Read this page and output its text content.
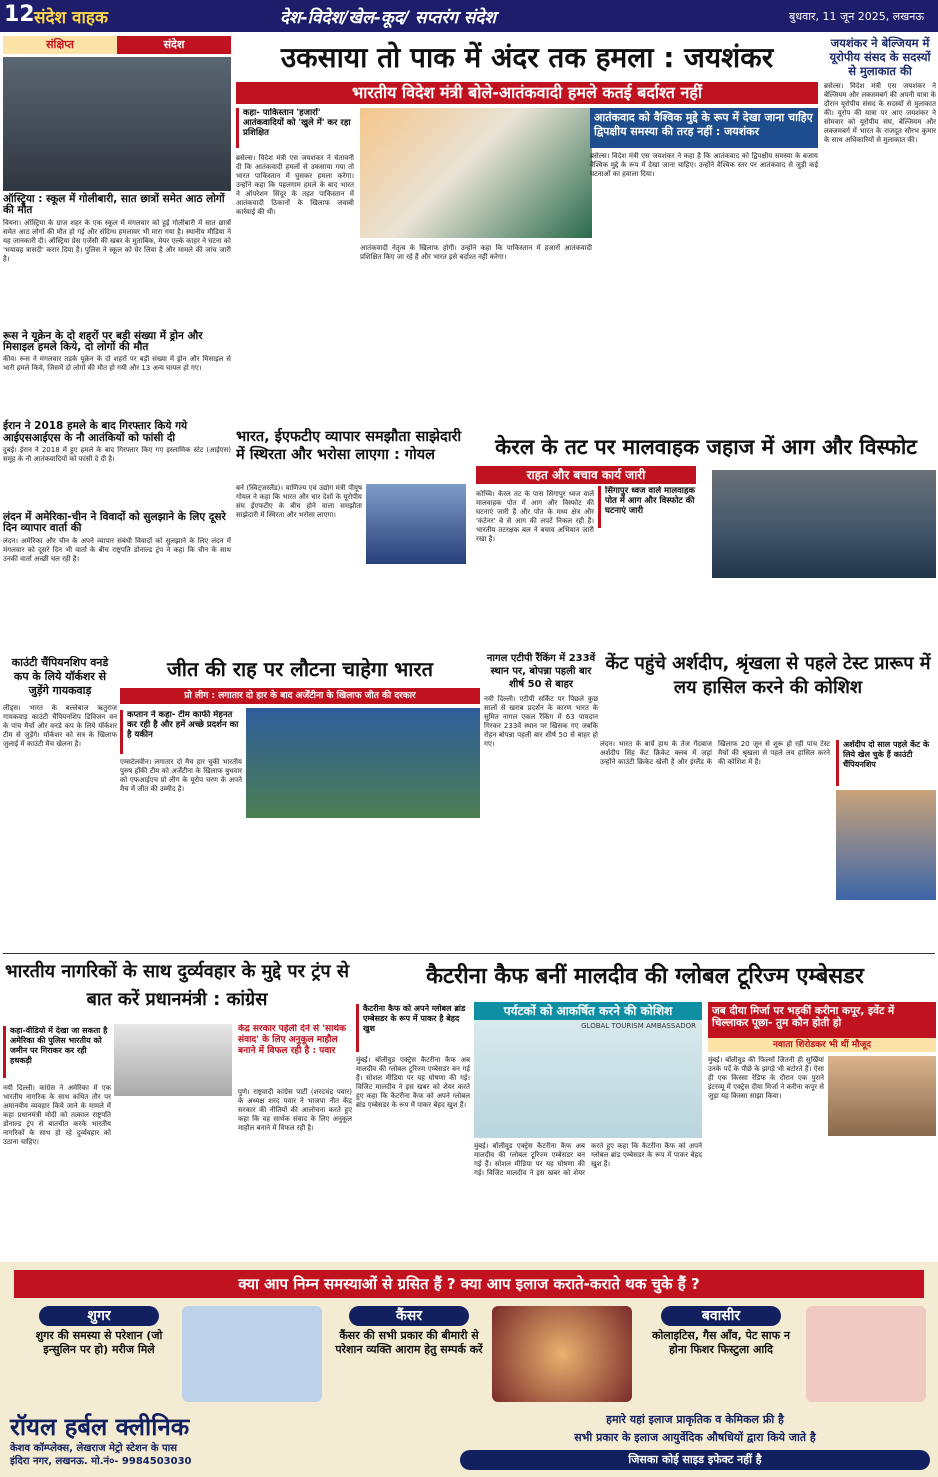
12 संदेश वाहक	देश-विदेश/खेल-कूद/ सप्तरंग संदेश	बुधवार, 11 जून 2025, लखनऊ
संक्षिप्त	संदेश
ऑस्ट्रिया : स्कूल में गोलीबारी, सात छात्रों समेत आठ लोगों की मौत
वियना। ऑस्ट्रिया के ग्राज शहर के एक स्कूल में मंगलवार को हुई गोलीबारी में सात छात्रों समेत आठ लोगों की मौत हो गई और संदिग्ध हमलावर भी मारा गया है। स्थानीय मीडिया ने यह जानकारी दी। ऑस्ट्रिया प्रेस एजेंसी की खबर के मुताबिक, मेयर एल्के काहर ने घटना को 'भयावह त्रासदी' करार दिया है। पुलिस ने स्कूल को घेर लिया है और मामले की जांच जारी है।
रूस ने यूक्रेन के दो शहरों पर बड़ी संख्या में ड्रोन और मिसाइल हमले किये, दो लोगों की मौत
कीव। रूस ने मंगलवार तड़के यूक्रेन के दो शहरों पर बड़ी संख्या में ड्रोन और मिसाइल से भारी हमले किये, जिसमें दो लोगों की मौत हो गयी और 13 अन्य घायल हो गए।
ईरान ने 2018 हमले के बाद गिरफ्तार किये गये आईएसआईएस के नौ आतंकियों को फांसी दी
दुबई। ईरान ने 2018 में हुए हमले के बाद गिरफ्तार किए गए इस्लामिक स्टेट (आईएस) समूह के नौ आतंकवादियों को फांसी दे दी है।
लंदन में अमेरिका-चीन ने विवादों को सुलझाने के लिए दूसरे दिन व्यापार वार्ता की
लंदन। अमेरिका और चीन के अपने व्यापार संबंधी विवादों को सुलझाने के लिए लंदन में मंगलवार को दूसरे दिन भी वार्ता के बीच राष्ट्रपति डोनाल्ड ट्रंप ने कहा कि चीन के साथ उनकी वार्ता अच्छी चल रही है।
उकसाया तो पाक में अंदर तक हमला : जयशंकर
भारतीय विदेश मंत्री बोले-आतंकवादी हमले कतई बर्दाश्त नहीं
कहा- पाकिस्तान 'हजारों' आतंकवादियों को 'खुले में' कर रहा प्रशिक्षित
ब्रसेल्स। विदेश मंत्री एस जयशंकर ने चेतावनी दी कि आतंकवादी हमलों से उकसाया गया तो भारत पाकिस्तान में घुसकर हमला करेगा। उन्होंने कहा कि पहलगाम हमले के बाद भारत ने ऑपरेशन सिंदूर के तहत पाकिस्तान में आतंकवादी ठिकानों के खिलाफ जवाबी कार्रवाई की थी।
आतंकवादी नेतृत्व के खिलाफ होगी। उन्होंने कहा कि पाकिस्तान में हजारों आतंकवादी प्रशिक्षित किए जा रहे हैं और भारत इसे बर्दाश्त नहीं करेगा।
आतंकवाद को वैश्विक मुद्दे के रूप में देखा जाना चाहिए द्विपक्षीय समस्या की तरह नहीं : जयशंकर
ब्रसेल्स। विदेश मंत्री एस जयशंकर ने कहा है कि आतंकवाद को द्विपक्षीय समस्या के बजाय वैश्विक मुद्दे के रूप में देखा जाना चाहिए। उन्होंने वैश्विक स्तर पर आतंकवाद से जुड़ी कई घटनाओं का हवाला दिया।
जयशंकर ने बेल्जियम में यूरोपीय संसद के सदस्यों से मुलाकात की
ब्रसेल्स। विदेश मंत्री एस जयशंकर ने बेल्जियम और लक्जमबर्ग की अपनी यात्रा के दौरान यूरोपीय संसद के सदस्यों से मुलाकात की। यूरोप की यात्रा पर आए जयशंकर ने सोमवार को यूरोपीय संघ, बेल्जियम और लक्जमबर्ग में भारत के राजदूत सौरभ कुमार के साथ अधिकारियों से मुलाकात की।
भारत, ईएफटीए व्यापार समझौता साझेदारी में स्थिरता और भरोसा लाएगा : गोयल
बर्न (स्विट्जरलैंड)। वाणिज्य एवं उद्योग मंत्री पीयूष गोयल ने कहा कि भारत और चार देशों के यूरोपीय संघ ईएफटीए के बीच होने वाला समझौता साझेदारी में स्थिरता और भरोसा लाएगा।
केरल के तट पर मालवाहक जहाज में आग और विस्फोट
राहत और बचाव कार्य जारी
कोच्चि। केरल तट के पास सिंगापुर ध्वज वाले मालवाहक पोत में आग और विस्फोट की घटनाएं जारी हैं और पोत के मध्य क्षेत्र और 'कंटेनर' बे से आग की लपटें निकल रही हैं। भारतीय तटरक्षक बल ने बचाव अभियान जारी रखा है।
सिंगापुर ध्वज वाले मालवाहक पोत में आग और विस्फोट की घटनाएं जारी
जीत की राह पर लौटना चाहेगा भारत
प्रो लीग : लगातार दो हार के बाद अर्जेंटीना के खिलाफ जीत की दरकार
कप्तान ने कहा- टीम काफी मेहनत कर रही है और हमें अच्छे प्रदर्शन का है यकीन
एम्सटेलवीन। लगातार दो मैच हार चुकी भारतीय पुरुष हॉकी टीम को अर्जेंटीना के खिलाफ बुधवार को एफआईएच प्रो लीग के यूरोप चरण के अपने मैच में जीत की उम्मीद है।
काउंटी चैंपियनशिप वनडे कप के लिये यॉर्कशर से जुड़ेंगे गायकवाड़
लीड्स। भारत के बल्लेबाज ऋतुराज गायकवाड़ काउंटी चैंपियनशिप डिविजन वन के पांच मैचों और वनडे कप के लिये यॉर्कशर टीम से जुड़ेंगे। यॉर्कशर को सत्र के खिलाफ जुलाई में काउंटी मैच खेलना है।
नागल एटीपी रैंकिंग में 233वें स्थान पर, बोपन्ना पहली बार शीर्ष 50 से बाहर
नयी दिल्ली। एटीपी सर्किट पर पिछले कुछ सालों से खराब प्रदर्शन के कारण भारत के सुमित नागल एकल रैंकिंग में 63 पायदान गिरकर 233वें स्थान पर खिसक गए जबकि रोहन बोपन्ना पहली बार शीर्ष 50 से बाहर हो गए।
केंट पहुंचे अर्शदीप, श्रृंखला से पहले टेस्ट प्रारूप में लय हासिल करने की कोशिश
लंदन। भारत के बायें हाथ के तेज गेंदबाज अर्शदीप सिंह केंट क्रिकेट क्लब में जहां उन्होंने काउंटी क्रिकेट खेली है और इंग्लैंड के खिलाफ 20 जून से शुरू हो रही पांच टेस्ट मैचों की श्रृंखला से पहले लय हासिल करने की कोशिश में हैं।
अर्शदीप दो साल पहले केंट के लिये खेल चुके हैं काउंटी चैंपियनशिप
भारतीय नागरिकों के साथ दुर्व्यवहार के मुद्दे पर ट्रंप से बात करें प्रधानमंत्री : कांग्रेस
कहा-वीडियो में देखा जा सकता है अमेरिका की पुलिस भारतीय को जमीन पर गिराकर कर रही हथकड़ी
नयी दिल्ली। कांग्रेस ने अमेरिका में एक भारतीय नागरिक के साथ कथित तौर पर अमानवीय व्यवहार किये जाने के मामले में कहा प्रधानमंत्री मोदी को तत्काल राष्ट्रपति डोनाल्ड ट्रंप से बातचीत करके भारतीय नागरिकों के साथ हो रहे दुर्व्यवहार को उठाना चाहिए।
केंद्र सरकार पहेली देने से 'सार्थक संवाद' के लिए अनुकूल माहौल बनाने में विफल रही है : पवार
पुणे। राष्ट्रवादी कांग्रेस पार्टी (शरदचंद्र पवार) के अध्यक्ष शरद पवार ने भाजपा नीत केंद्र सरकार की नीतियों की आलोचना करते हुए कहा कि वह सार्थक संवाद के लिए अनुकूल माहौल बनाने में विफल रही है।
कैटरीना कैफ बनीं मालदीव की ग्लोबल टूरिज्म एम्बेसडर
कैटरीना कैफ को अपने ग्लोबल ब्रांड एम्बेसडर के रूप में पाकर है बेहद खुश
मुंबई। बॉलीवुड एक्ट्रेस कैटरीना कैफ अब मालदीव की ग्लोबल टूरिज्म एम्बेसडर बन गई हैं। सोशल मीडिया पर यह घोषणा की गई। विजिट मालदीव ने इस खबर को शेयर करते हुए कहा कि कैटरीना कैफ को अपने ग्लोबल ब्रांड एम्बेसडर के रूप में पाकर बेहद खुश हैं।
पर्यटकों को आकर्षित करने की कोशिश
GLOBAL TOURISM AMBASSADOR
मुंबई। बॉलीवुड एक्ट्रेस कैटरीना कैफ अब मालदीव की ग्लोबल टूरिज्म एम्बेसडर बन गई हैं। सोशल मीडिया पर यह घोषणा की गई। विजिट मालदीव ने इस खबर को शेयर करते हुए कहा कि कैटरीना कैफ को अपने ग्लोबल ब्रांड एम्बेसडर के रूप में पाकर बेहद खुश हैं।
जब दीया मिर्जा पर भड़कीं करीना कपूर, इवेंट में चिल्लाकर पूछा- तुम कौन होती हो
नवाता शिरोडकर भी थीं मौजूद
मुंबई। बॉलीवुड की फिल्मों जितनी ही सुर्खियां उनके पर्दे के पीछे के झगड़े भी बटोरते हैं। ऐसा ही एक किस्सा रेडिफ के दौरान एक पुराने इंटरव्यू में एक्ट्रेस दीया मिर्जा ने करीना कपूर से जुड़ा यह किस्सा साझा किया।
क्या आप निम्न समस्याओं से ग्रसित हैं ? क्या आप इलाज कराते-कराते थक चुके हैं ?
शुगर
शुगर की समस्या से परेशान (जो इन्सुलिन पर हो) मरीज मिले
कैंसर
कैंसर की सभी प्रकार की बीमारी से परेशान व्यक्ति आराम हेतु सम्पर्क करें
बवासीर
कोलाइटिस, गैस आँव, पेट साफ न होना फिशर फिस्टुला आदि
रॉयल हर्बल क्लीनिक
केशव कॉम्प्लेक्स, लेखराज मेट्रो स्टेशन के पास
इंदिरा नगर, लखनऊ. मो.नं०- 9984503030
हमारे यहां इलाज प्राकृतिक व केमिकल फ्री है
सभी प्रकार के इलाज आयुर्वेदिक औषधियों द्वारा किये जाते है
जिसका कोई साइड इफेक्ट नहीं है
